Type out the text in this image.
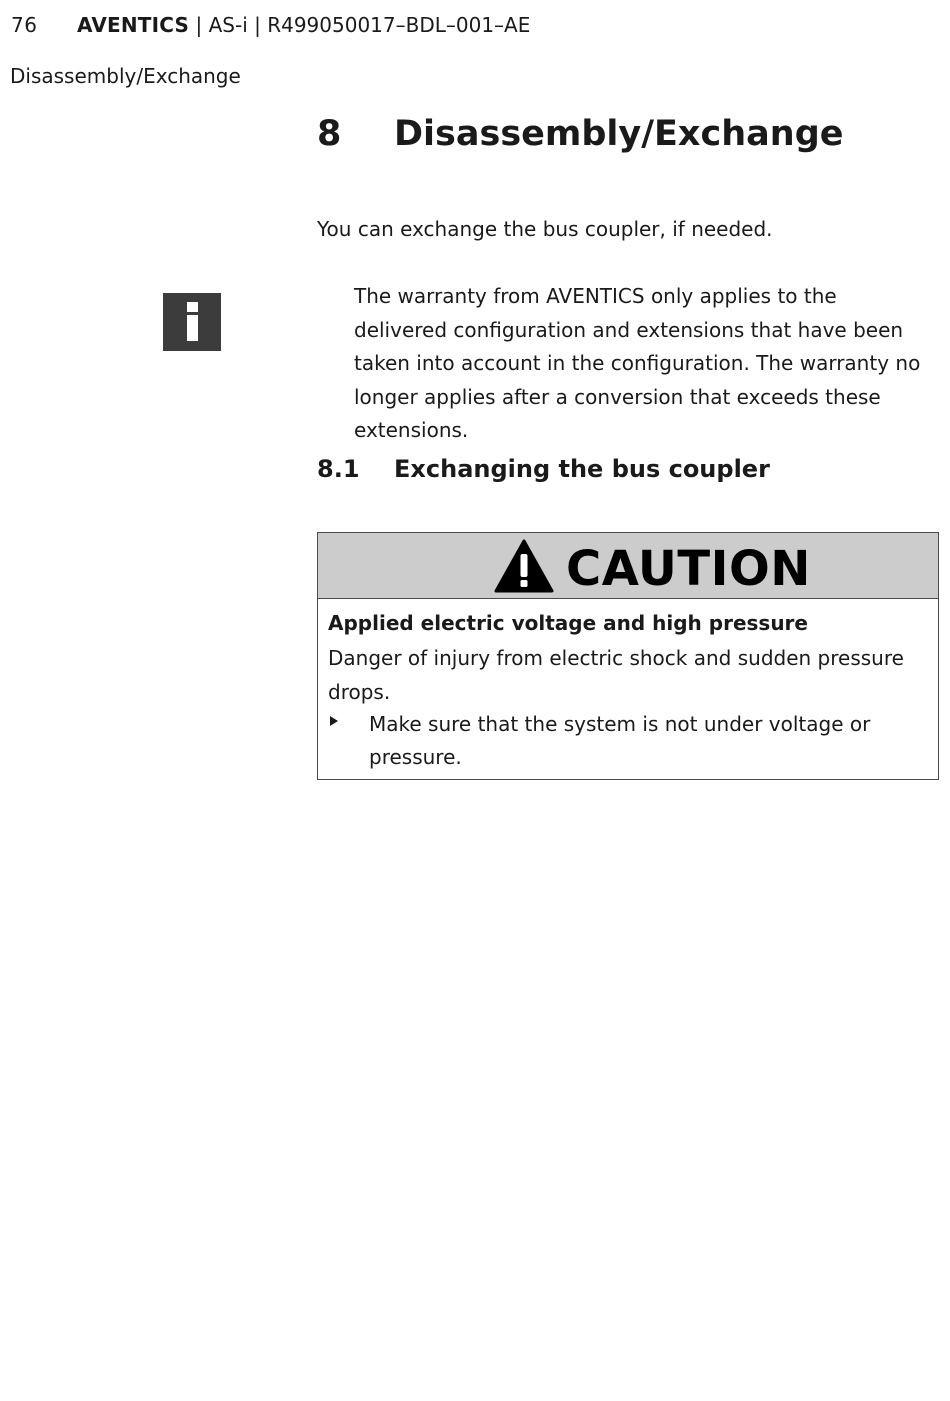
76 AVENTICS | AS-i | R499050017–BDL–001–AE
Disassembly/Exchange
8 Disassembly/Exchange
You can exchange the bus coupler, if needed.
The warranty from AVENTICS only applies to the delivered configuration and extensions that have been taken into account in the configuration. The warranty no longer applies after a conversion that exceeds these extensions.
8.1 Exchanging the bus coupler
CAUTION
Applied electric voltage and high pressure
Danger of injury from electric shock and sudden pressure drops.
Make sure that the system is not under voltage or pressure.
